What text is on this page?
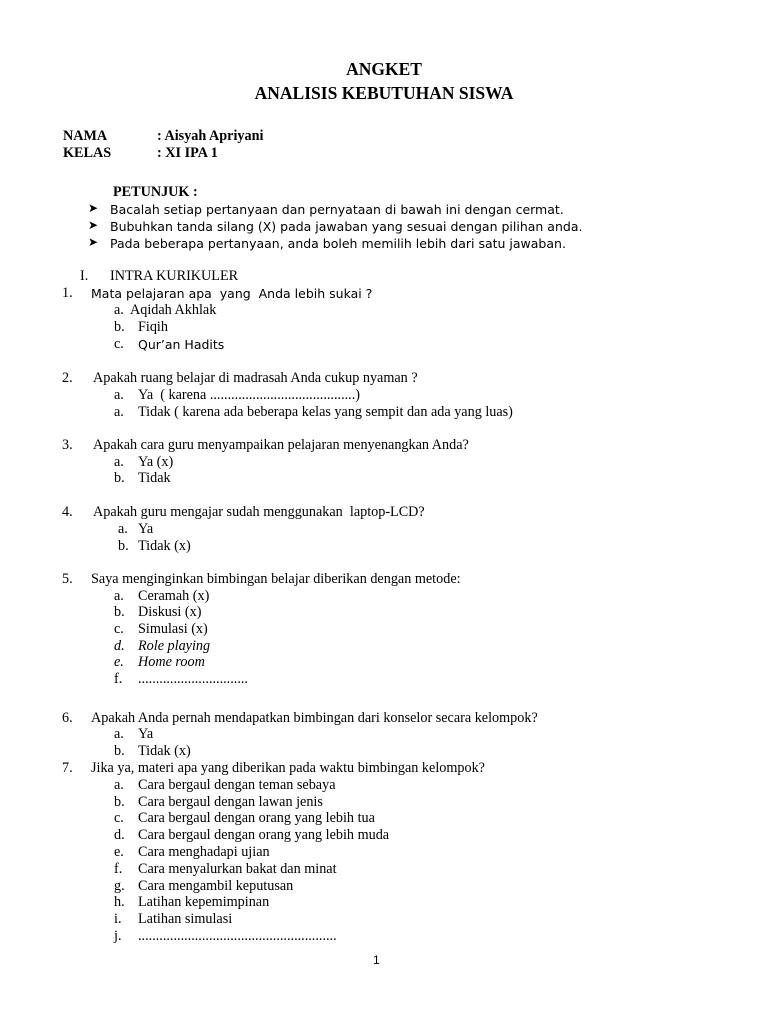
ANGKET
ANALISIS KEBUTUHAN SISWA
NAMA	: Aisyah Apriyani
KELAS	: XI IPA 1
PETUNJUK :
➤ Bacalah setiap pertanyaan dan pernyataan di bawah ini dengan cermat.
➤ Bubuhkan tanda silang (X) pada jawaban yang sesuai dengan pilihan anda.
➤ Pada beberapa pertanyaan, anda boleh memilih lebih dari satu jawaban.
I. INTRA KURIKULER
1. Mata pelajaran apa  yang  Anda lebih sukai ?
a. Aqidah Akhlak
b. Fiqih
c. Qur’an Hadits
2. Apakah ruang belajar di madrasah Anda cukup nyaman ?
a. Ya  ( karena .........................................)
a. Tidak ( karena ada beberapa kelas yang sempit dan ada yang luas)
3. Apakah cara guru menyampaikan pelajaran menyenangkan Anda?
a. Ya (x)
b. Tidak
4. Apakah guru mengajar sudah menggunakan  laptop-LCD?
a. Ya
b. Tidak (x)
5. Saya menginginkan bimbingan belajar diberikan dengan metode:
a. Ceramah (x)
b. Diskusi (x)
c. Simulasi (x)
d. Role playing
e. Home room
f. ...............................
6. Apakah Anda pernah mendapatkan bimbingan dari konselor secara kelompok?
a. Ya
b. Tidak (x)
7. Jika ya, materi apa yang diberikan pada waktu bimbingan kelompok?
a. Cara bergaul dengan teman sebaya
b. Cara bergaul dengan lawan jenis
c. Cara bergaul dengan orang yang lebih tua
d. Cara bergaul dengan orang yang lebih muda
e. Cara menghadapi ujian
f. Cara menyalurkan bakat dan minat
g. Cara mengambil keputusan
h. Latihan kepemimpinan
i. Latihan simulasi
j. ........................................................
1
